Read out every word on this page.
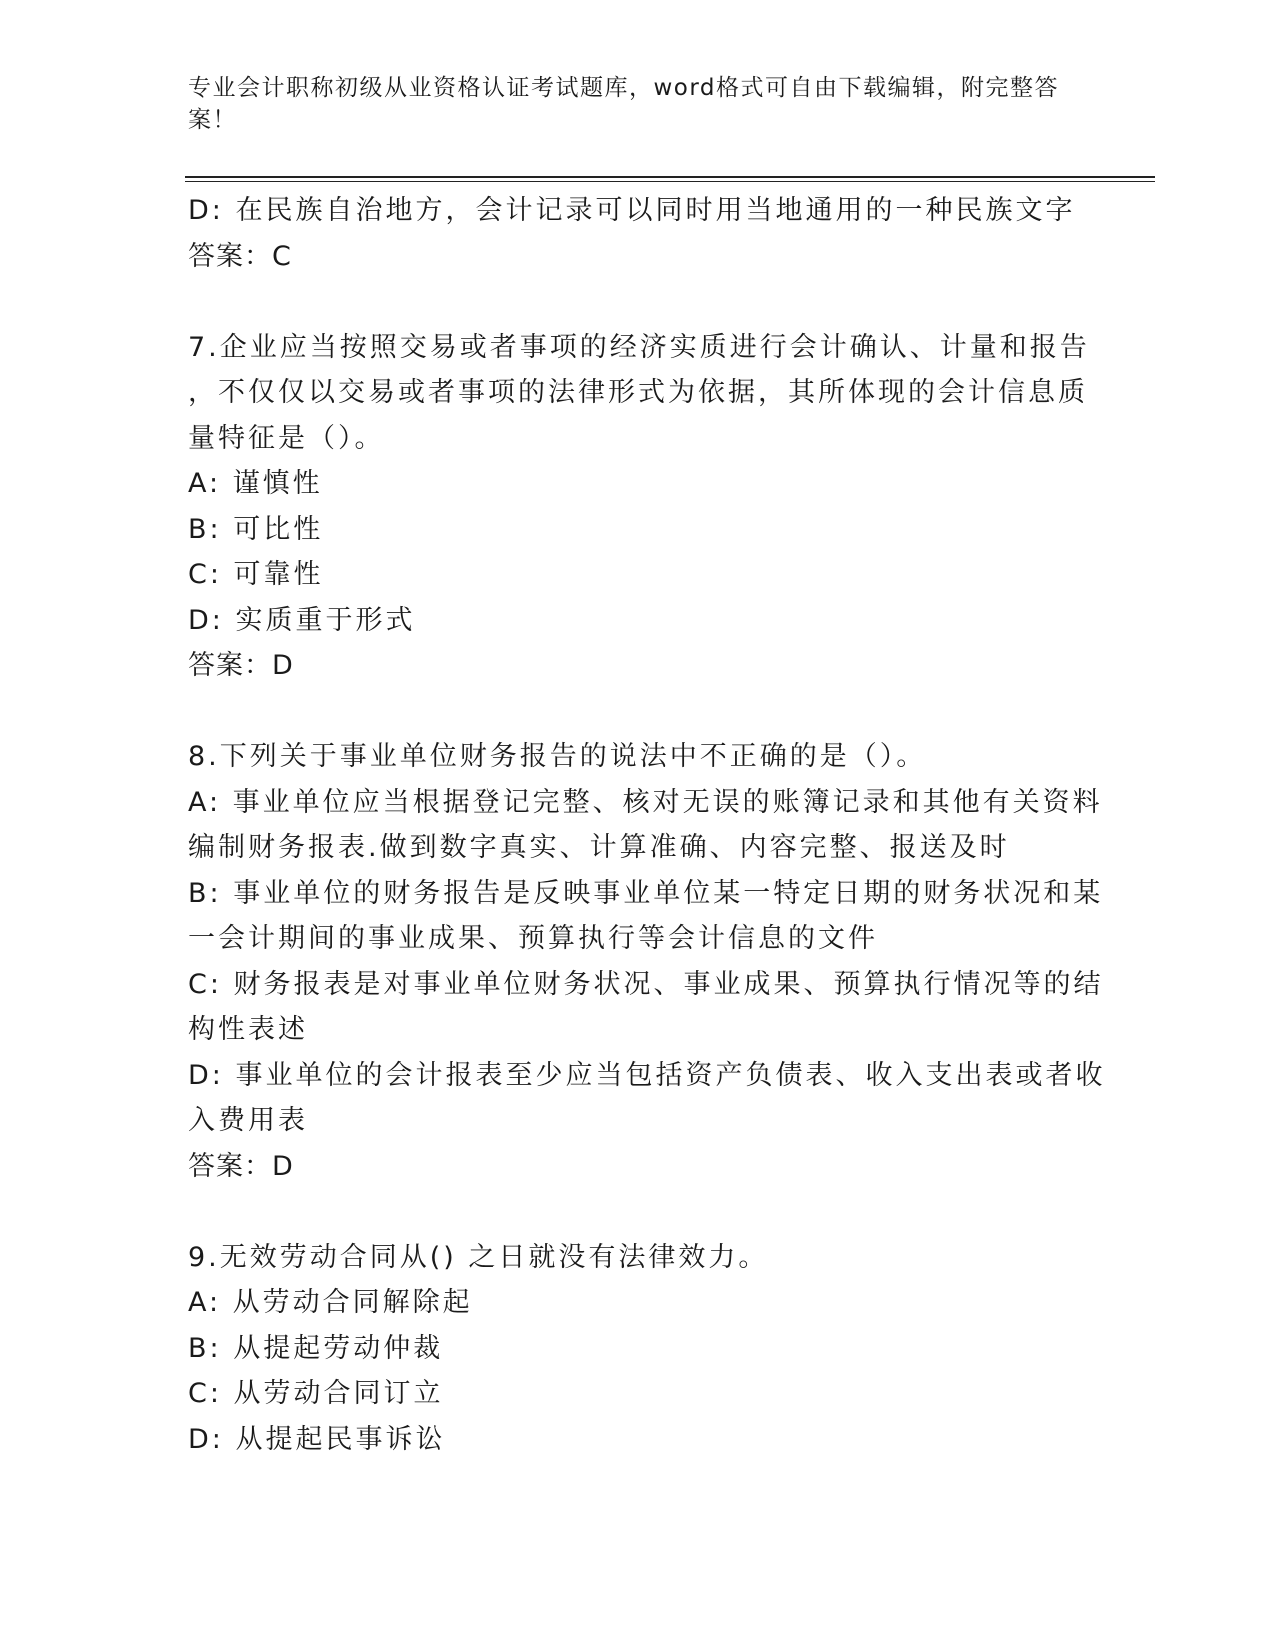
专业会计职称初级从业资格认证考试题库，word格式可自由下载编辑，附完整答
案！
D: 在民族自治地方，会计记录可以同时用当地通用的一种民族文字
答案：C
7.企业应当按照交易或者事项的经济实质进行会计确认、计量和报告
，不仅仅以交易或者事项的法律形式为依据，其所体现的会计信息质
量特征是（）。
A: 谨慎性
B: 可比性
C: 可靠性
D: 实质重于形式
答案：D
8.下列关于事业单位财务报告的说法中不正确的是（）。
A: 事业单位应当根据登记完整、核对无误的账簿记录和其他有关资料
编制财务报表.做到数字真实、计算准确、内容完整、报送及时
B: 事业单位的财务报告是反映事业单位某一特定日期的财务状况和某
一会计期间的事业成果、预算执行等会计信息的文件
C: 财务报表是对事业单位财务状况、事业成果、预算执行情况等的结
构性表述
D: 事业单位的会计报表至少应当包括资产负债表、收入支出表或者收
入费用表
答案：D
9.无效劳动合同从() 之日就没有法律效力。
A: 从劳动合同解除起
B: 从提起劳动仲裁
C: 从劳动合同订立
D: 从提起民事诉讼
